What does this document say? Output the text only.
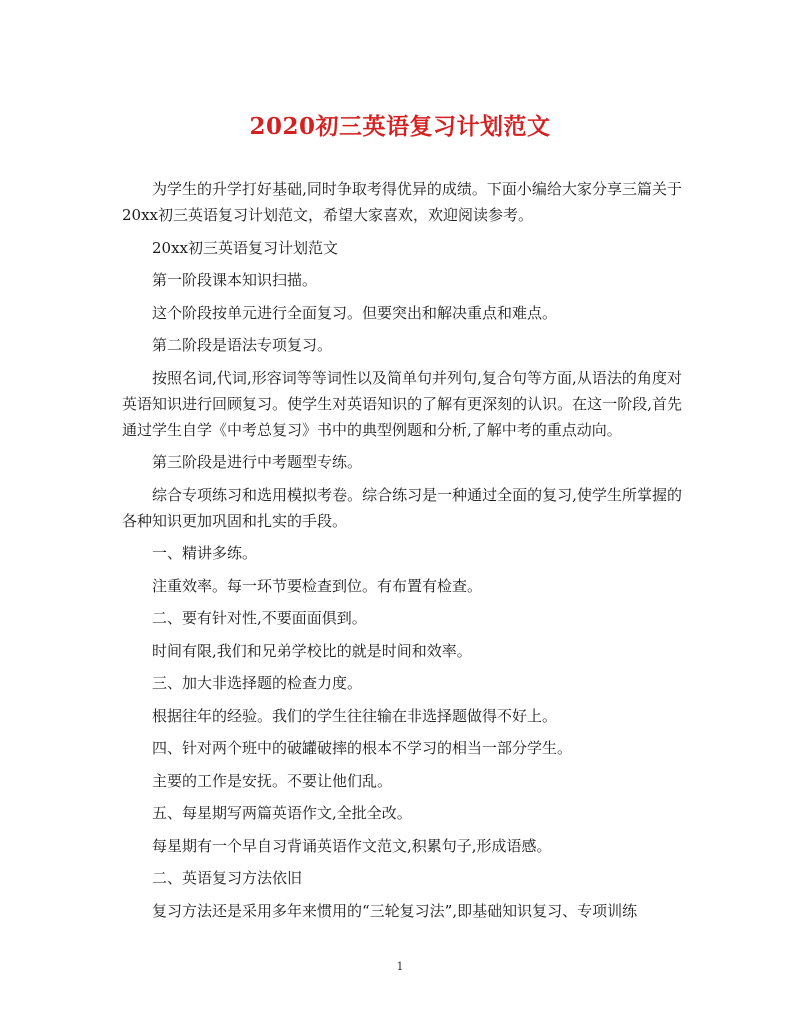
2020初三英语复习计划范文

为学生的升学打好基础,同时争取考得优异的成绩。下面小编给大家分享三篇关于20xx初三英语复习计划范文，希望大家喜欢，欢迎阅读参考。

20xx初三英语复习计划范文

第一阶段课本知识扫描。

这个阶段按单元进行全面复习。但要突出和解决重点和难点。

第二阶段是语法专项复习。

按照名词,代词,形容词等等词性以及简单句并列句,复合句等方面,从语法的角度对英语知识进行回顾复习。使学生对英语知识的了解有更深刻的认识。在这一阶段,首先通过学生自学《中考总复习》书中的典型例题和分析,了解中考的重点动向。

第三阶段是进行中考题型专练。

综合专项练习和选用模拟考卷。综合练习是一种通过全面的复习,使学生所掌握的各种知识更加巩固和扎实的手段。

一、精讲多练。

注重效率。每一环节要检查到位。有布置有检查。

二、要有针对性,不要面面俱到。

时间有限,我们和兄弟学校比的就是时间和效率。

三、加大非选择题的检查力度。

根据往年的经验。我们的学生往往输在非选择题做得不好上。

四、针对两个班中的破罐破摔的根本不学习的相当一部分学生。

主要的工作是安抚。不要让他们乱。

五、每星期写两篇英语作文,全批全改。

每星期有一个早自习背诵英语作文范文,积累句子,形成语感。

二、英语复习方法依旧

复习方法还是采用多年来惯用的“三轮复习法”,即基础知识复习、专项训练

1
